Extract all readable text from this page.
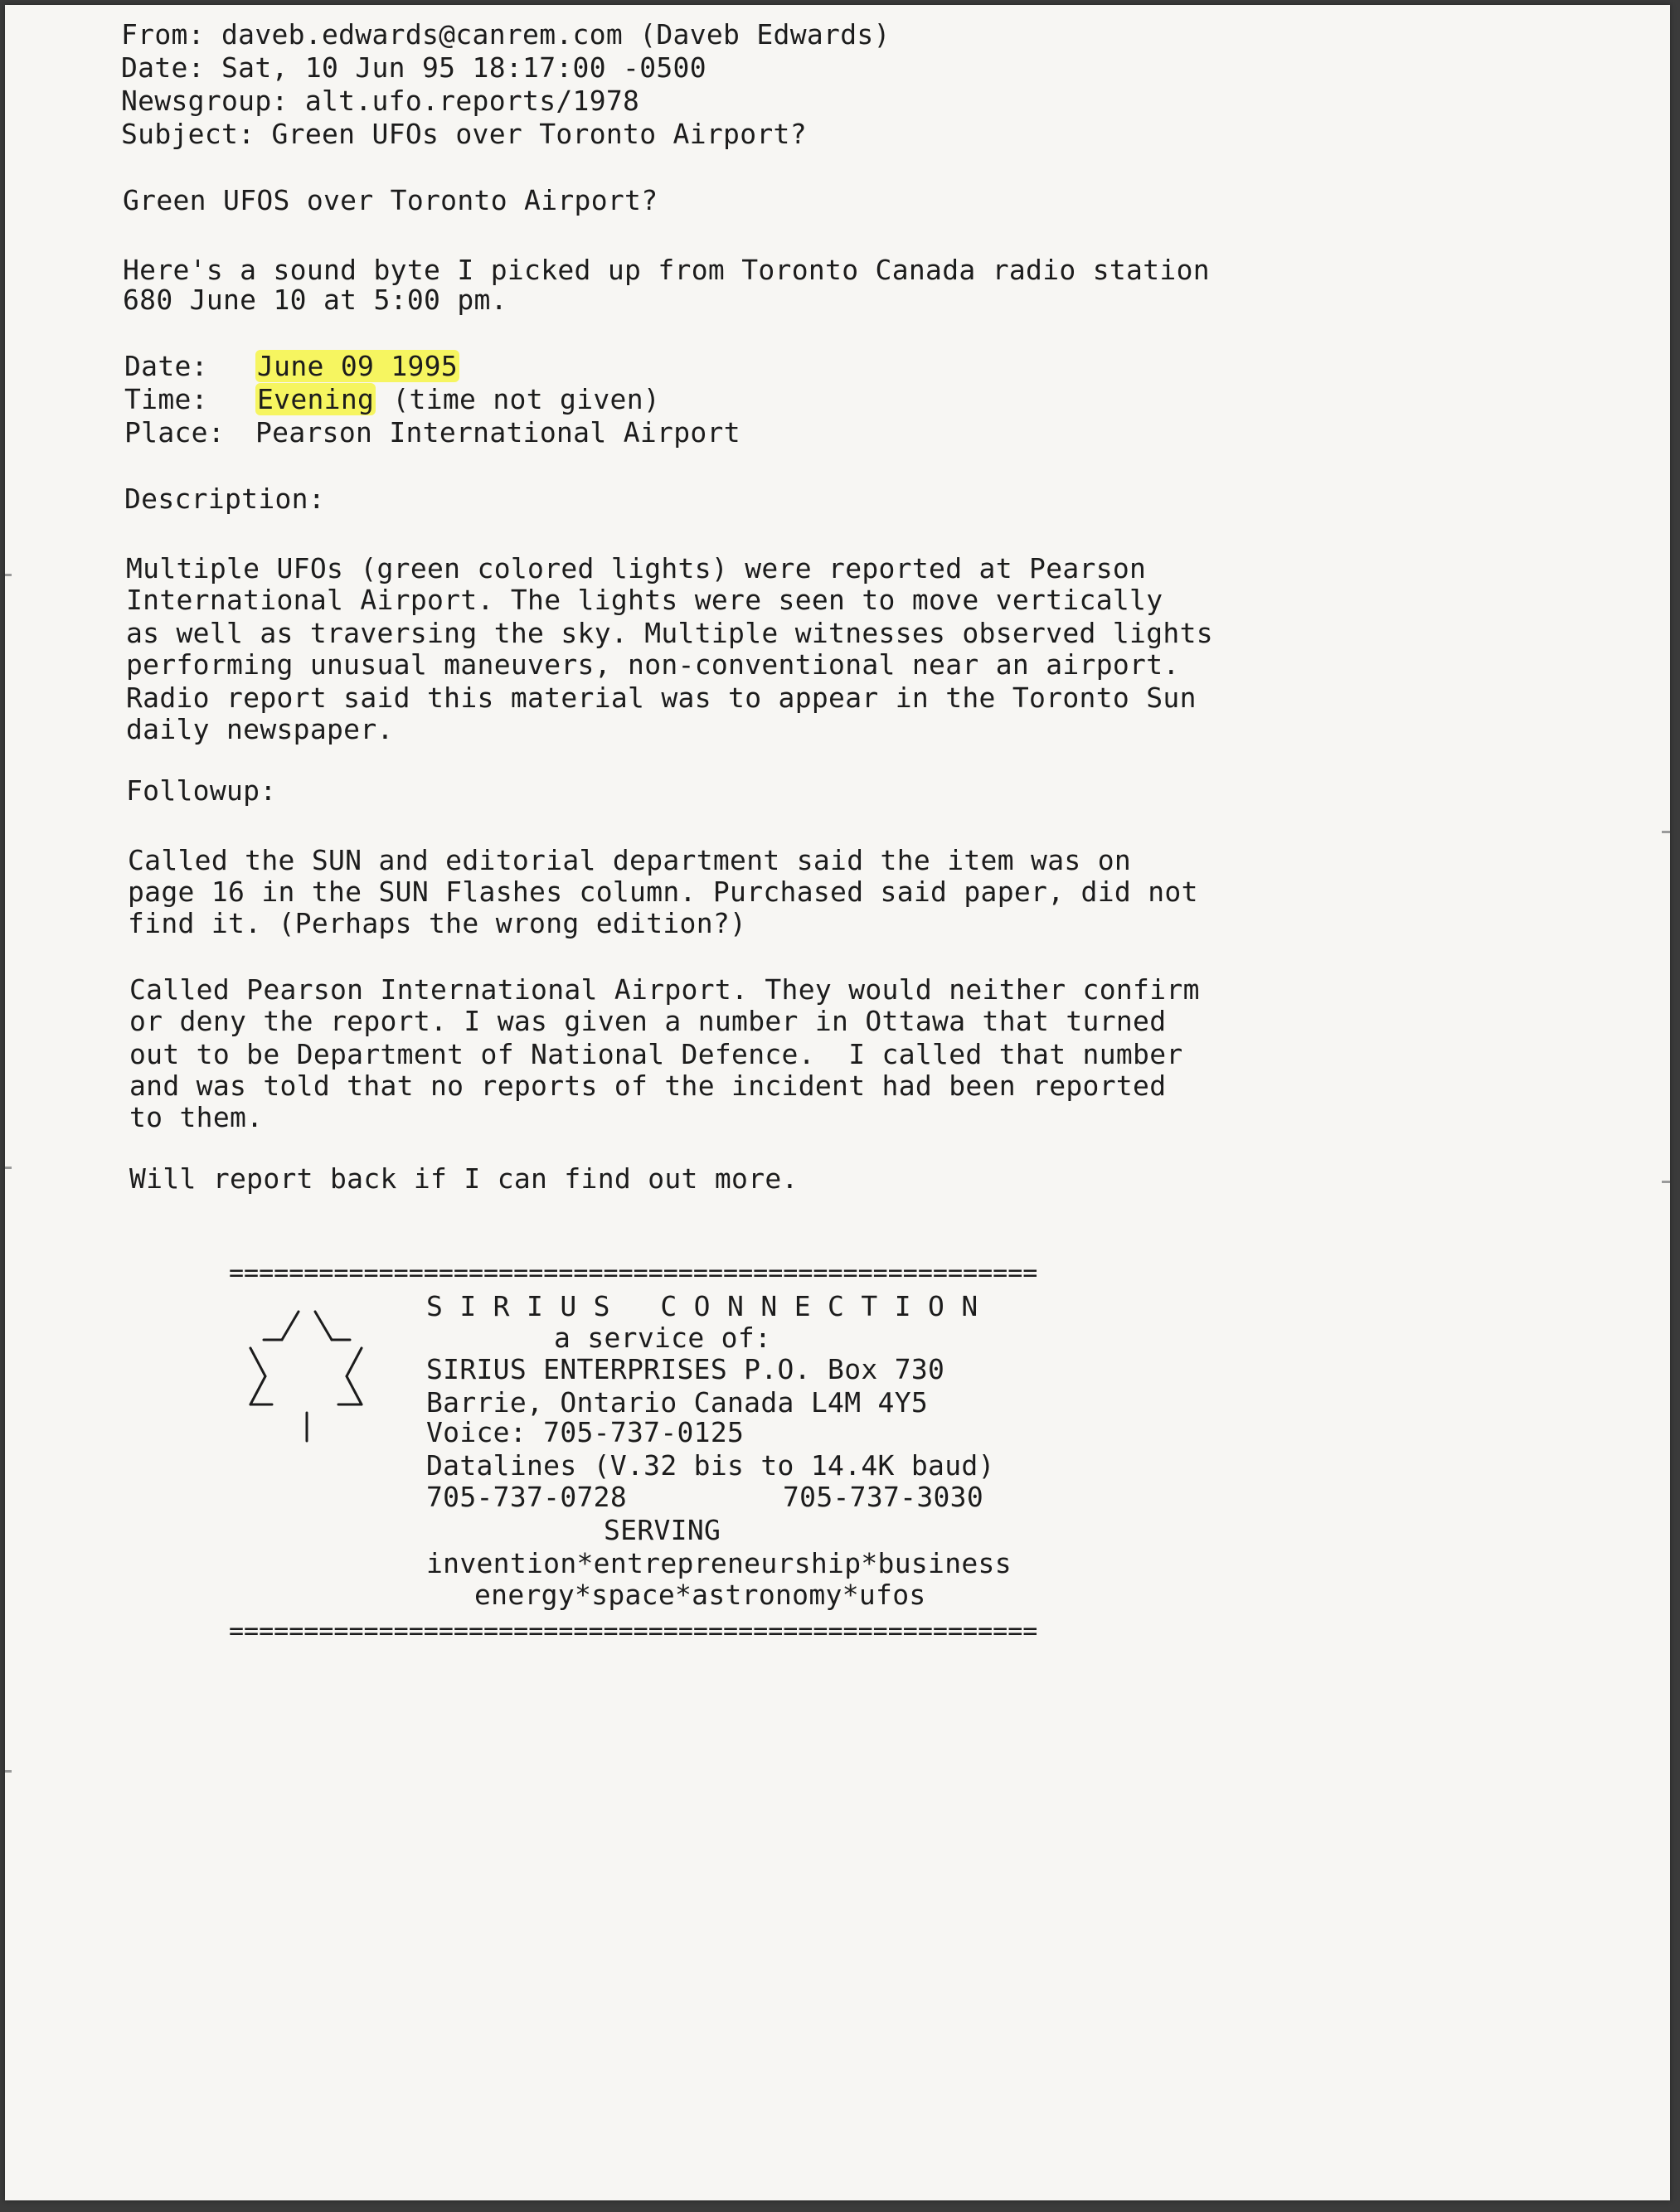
From: daveb.edwards@canrem.com (Daveb Edwards)
Date: Sat, 10 Jun 95 18:17:00 -0500
Newsgroup: alt.ufo.reports/1978
Subject: Green UFOs over Toronto Airport?
Green UFOS over Toronto Airport?
Here's a sound byte I picked up from Toronto Canada radio station
680 June 10 at 5:00 pm.
Date: June 09 1995
Time: Evening (time not given)
Place: Pearson International Airport
Description:
Multiple UFOs (green colored lights) were reported at Pearson
International Airport. The lights were seen to move vertically
as well as traversing the sky. Multiple witnesses observed lights
performing unusual maneuvers, non-conventional near an airport.
Radio report said this material was to appear in the Toronto Sun
daily newspaper.
Followup:
Called the SUN and editorial department said the item was on
page 16 in the SUN Flashes column. Purchased said paper, did not
find it. (Perhaps the wrong edition?)
Called Pearson International Airport. They would neither confirm
or deny the report. I was given a number in Ottawa that turned
out to be Department of National Defence.  I called that number
and was told that no reports of the incident had been reported
to them.
Will report back if I can find out more.
======================================================
S I R I U S   C O N N E C T I O N
a service of:
SIRIUS ENTERPRISES P.O. Box 730
Barrie, Ontario Canada L4M 4Y5
Voice: 705-737-0125
Datalines (V.32 bis to 14.4K baud)
705-737-0728	705-737-3030
SERVING
invention*entrepreneurship*business
energy*space*astronomy*ufos
======================================================
